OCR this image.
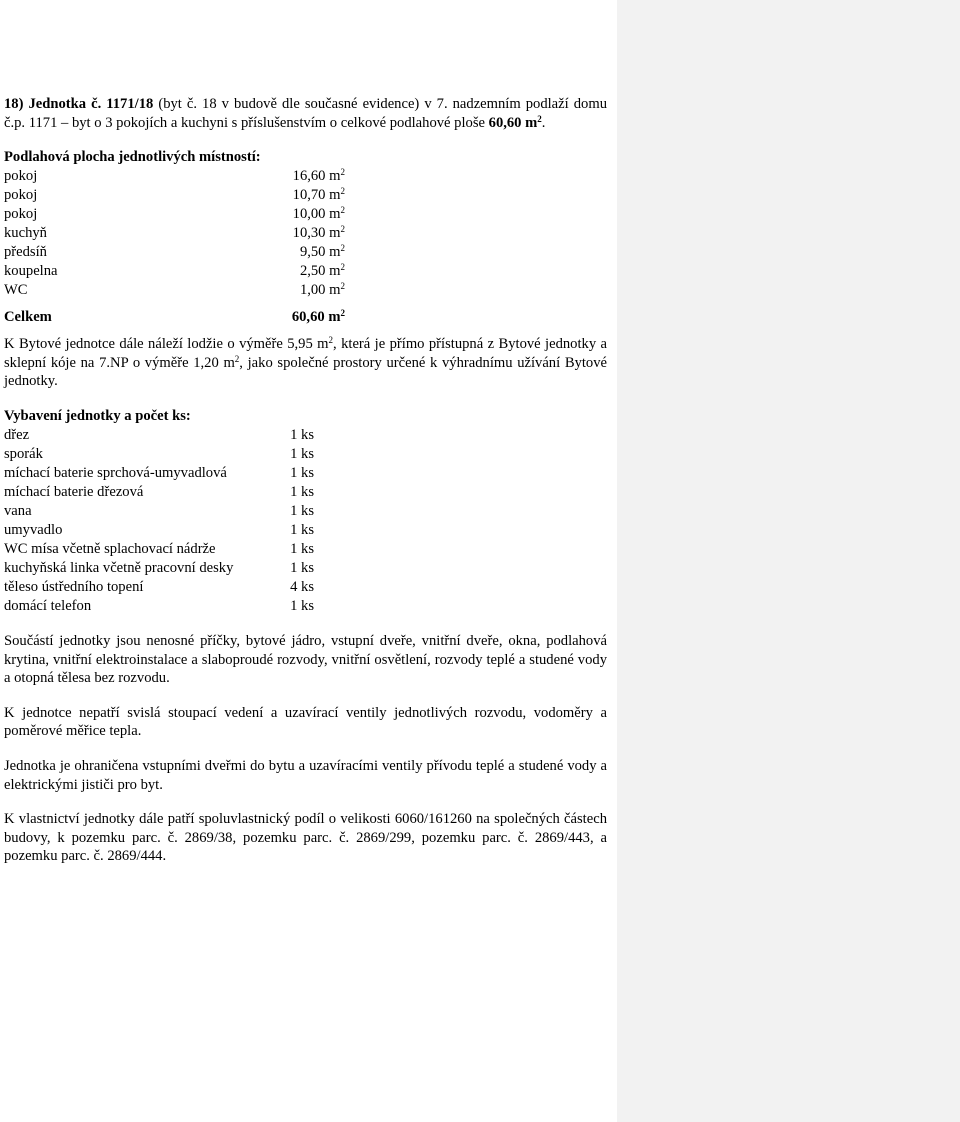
18) Jednotka č. 1171/18 (byt č. 18 v budově dle současné evidence) v 7. nadzemním podlaží domu č.p. 1171 – byt o 3 pokojích a kuchyni s příslušenstvím o celkové podlahové ploše 60,60 $m^2$.

Podlahová plocha jednotlivých místností:
pokoj	16,60 $m^2$
pokoj	10,70 $m^2$
pokoj	10,00 $m^2$
kuchyň	10,30 $m^2$
předsíň	9,50 $m^2$
koupelna	2,50 $m^2$
WC	1,00 $m^2$
Celkem	60,60 $m^2$

K Bytové jednotce dále náleží lodžie o výměře 5,95 $m^2$, která je přímo přístupná z Bytové jednotky a sklepní kóje na 7.NP o výměře 1,20 $m^2$, jako společné prostory určené k výhradnímu užívání Bytové jednotky.

Vybavení jednotky a počet ks:
dřez	1 ks
sporák	1 ks
míchací baterie sprchová-umyvadlová	1 ks
míchací baterie dřezová	1 ks
vana	1 ks
umyvadlo	1 ks
WC mísa včetně splachovací nádrže	1 ks
kuchyňská linka včetně pracovní desky	1 ks
těleso ústředního topení	4 ks
domácí telefon	1 ks

Součástí jednotky jsou nenosné příčky, bytové jádro, vstupní dveře, vnitřní dveře, okna, podlahová krytina, vnitřní elektroinstalace a slaboproudé rozvody, vnitřní osvětlení, rozvody teplé a studené vody a otopná tělesa bez rozvodu.

K jednotce nepatří svislá stoupací vedení a uzavírací ventily jednotlivých rozvodu, vodoměry a poměrové měřice tepla.

Jednotka je ohraničena vstupními dveřmi do bytu a uzavíracími ventily přívodu teplé a studené vody a elektrickými jističi pro byt.

K vlastnictví jednotky dále patří spoluvlastnický podíl o velikosti 6060/161260 na společných částech budovy, k pozemku parc. č. 2869/38, pozemku parc. č. 2869/299, pozemku parc. č. 2869/443, a pozemku parc. č. 2869/444.
